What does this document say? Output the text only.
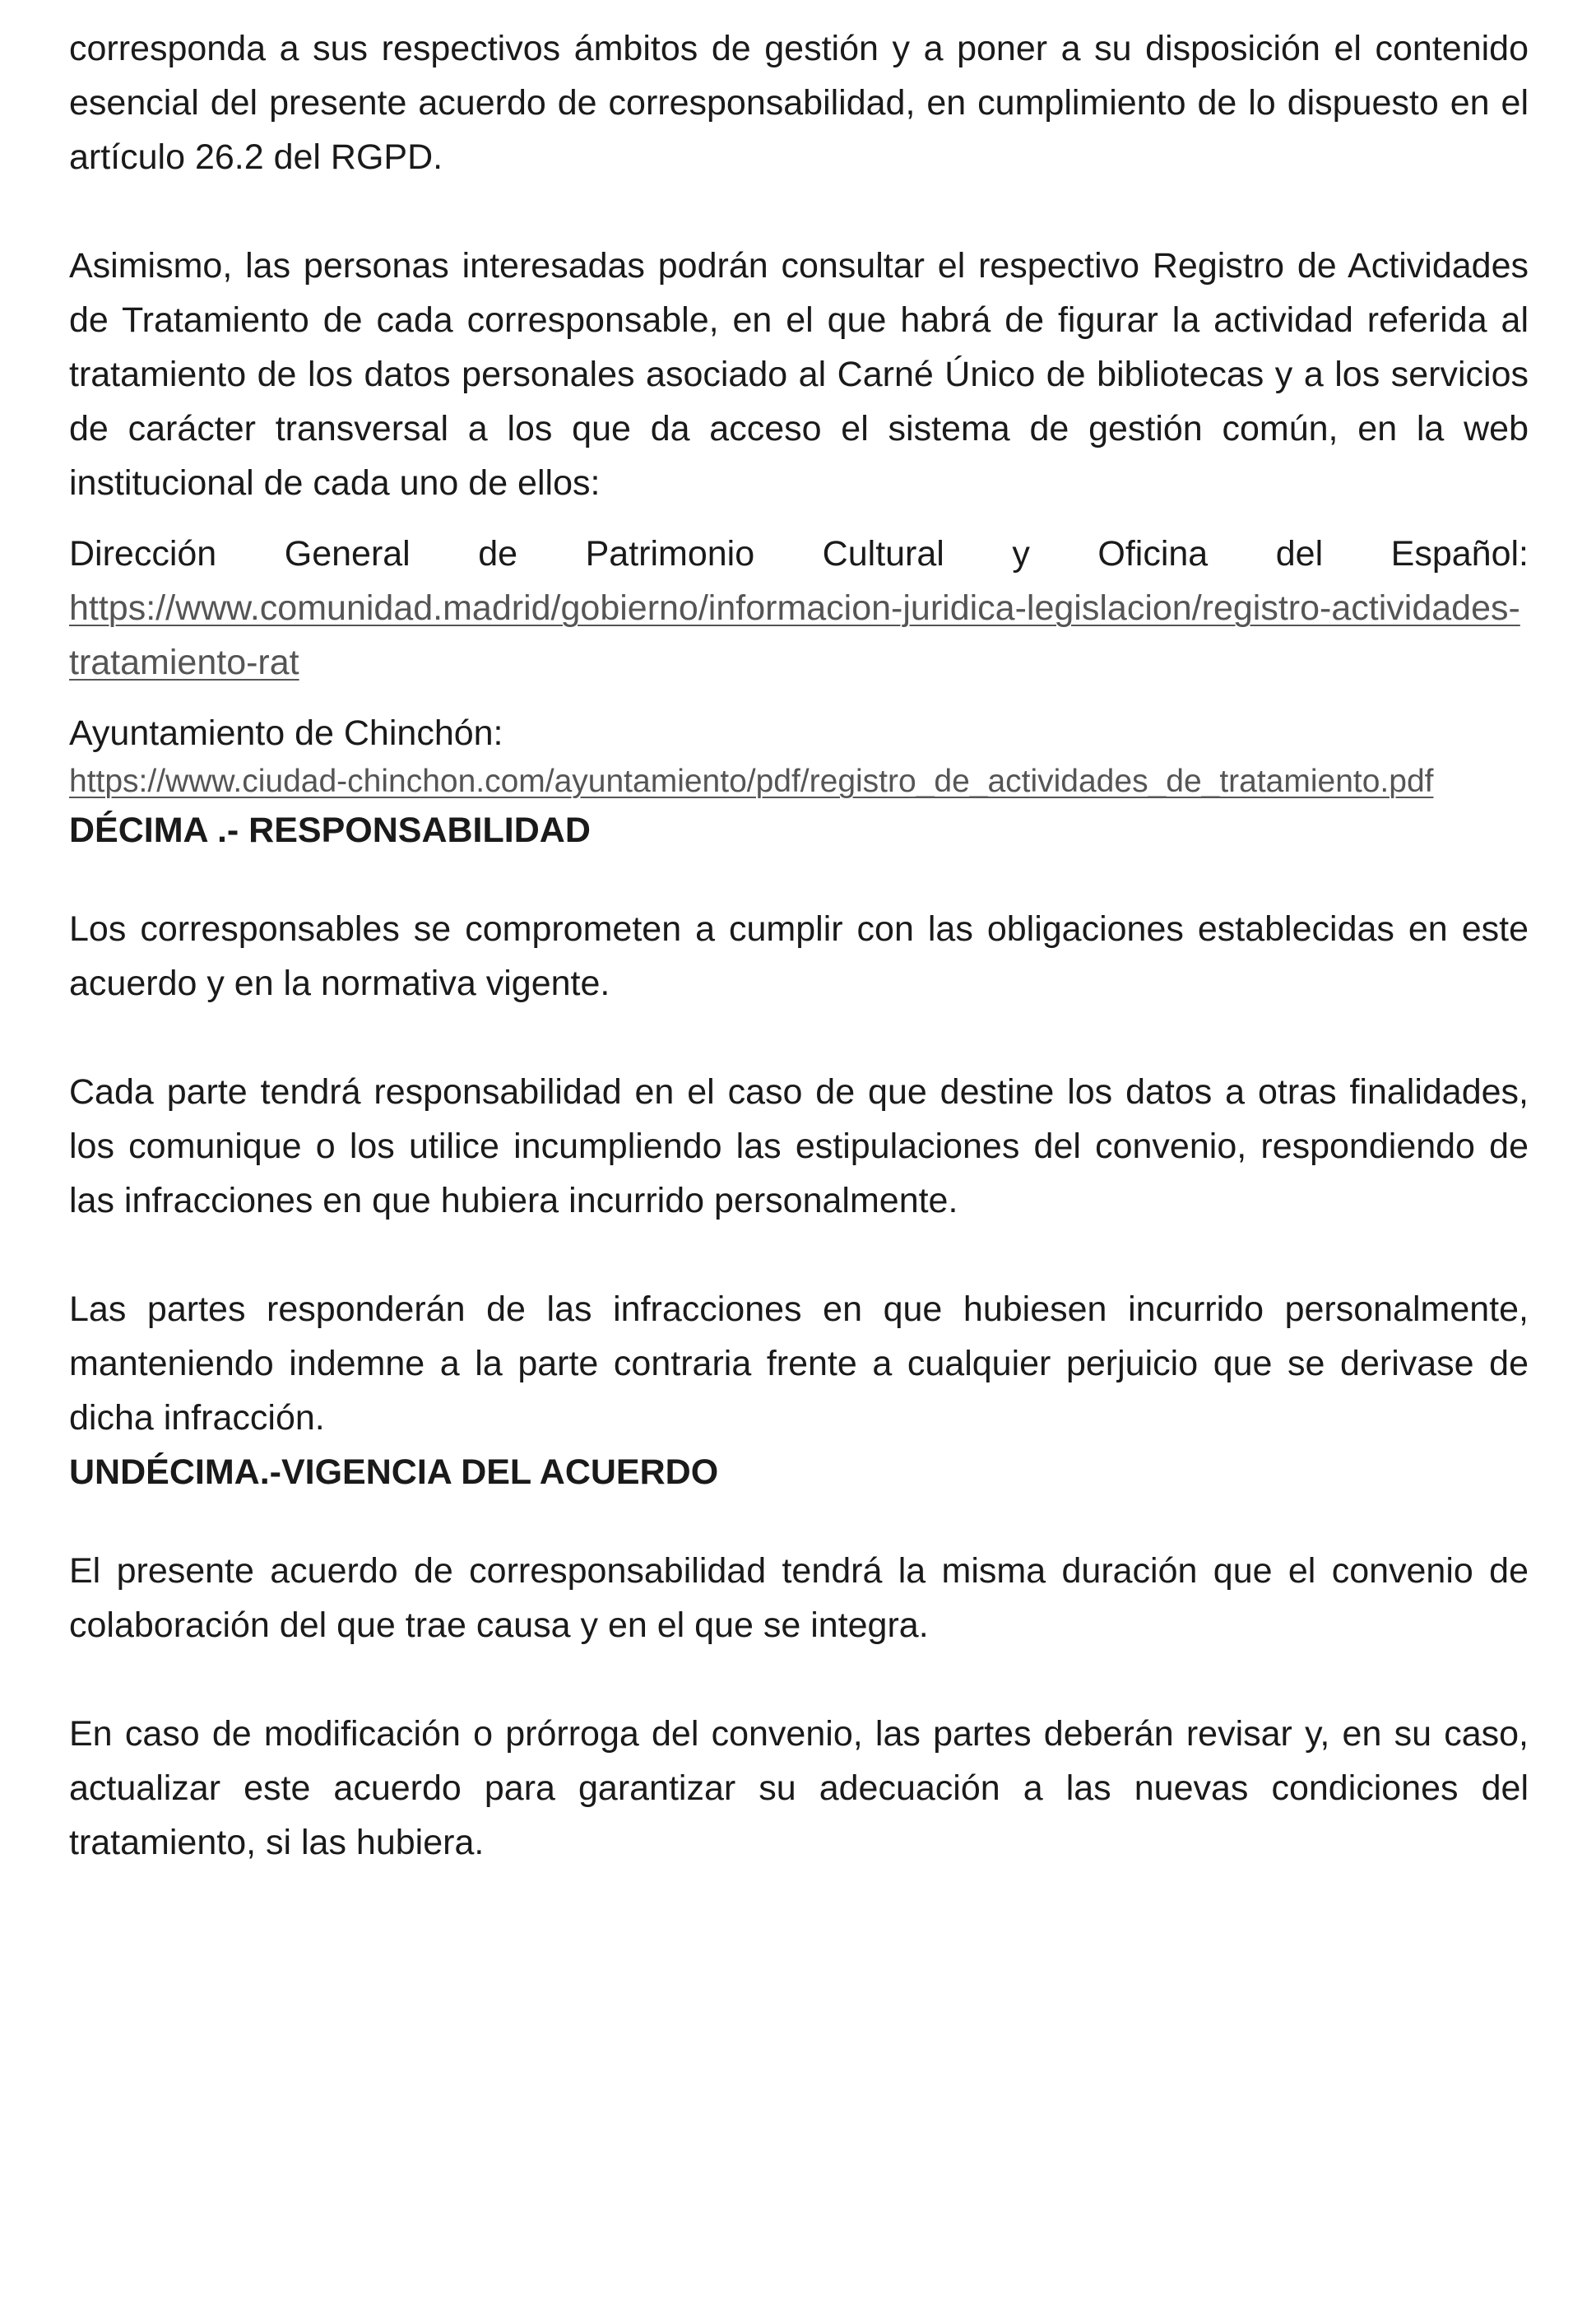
corresponda a sus respectivos ámbitos de gestión y a poner a su disposición el contenido esencial del presente acuerdo de corresponsabilidad, en cumplimiento de lo dispuesto en el artículo 26.2 del RGPD.

Asimismo, las personas interesadas podrán consultar el respectivo Registro de Actividades de Tratamiento de cada corresponsable, en el que habrá de figurar la actividad referida al tratamiento de los datos personales asociado al Carné Único de bibliotecas y a los servicios de carácter transversal a los que da acceso el sistema de gestión común, en la web institucional de cada uno de ellos:

Dirección General de Patrimonio Cultural y Oficina del Español:

https://www.comunidad.madrid/gobierno/informacion-juridica-legislacion/registro-actividades-tratamiento-rat

Ayuntamiento de Chinchón:
https://www.ciudad-chinchon.com/ayuntamiento/pdf/registro_de_actividades_de_tratamiento.pdf
DÉCIMA .- RESPONSABILIDAD

Los corresponsables se comprometen a cumplir con las obligaciones establecidas en este acuerdo y en la normativa vigente.

Cada parte tendrá responsabilidad en el caso de que destine los datos a otras finalidades, los comunique o los utilice incumpliendo las estipulaciones del convenio, respondiendo de las infracciones en que hubiera incurrido personalmente.

Las partes responderán de las infracciones en que hubiesen incurrido personalmente, manteniendo indemne a la parte contraria frente a cualquier perjuicio que se derivase de dicha infracción.

UNDÉCIMA.-VIGENCIA DEL ACUERDO

El presente acuerdo de corresponsabilidad tendrá la misma duración que el convenio de colaboración del que trae causa y en el que se integra.

En caso de modificación o prórroga del convenio, las partes deberán revisar y, en su caso, actualizar este acuerdo para garantizar su adecuación a las nuevas condiciones del tratamiento, si las hubiera.
